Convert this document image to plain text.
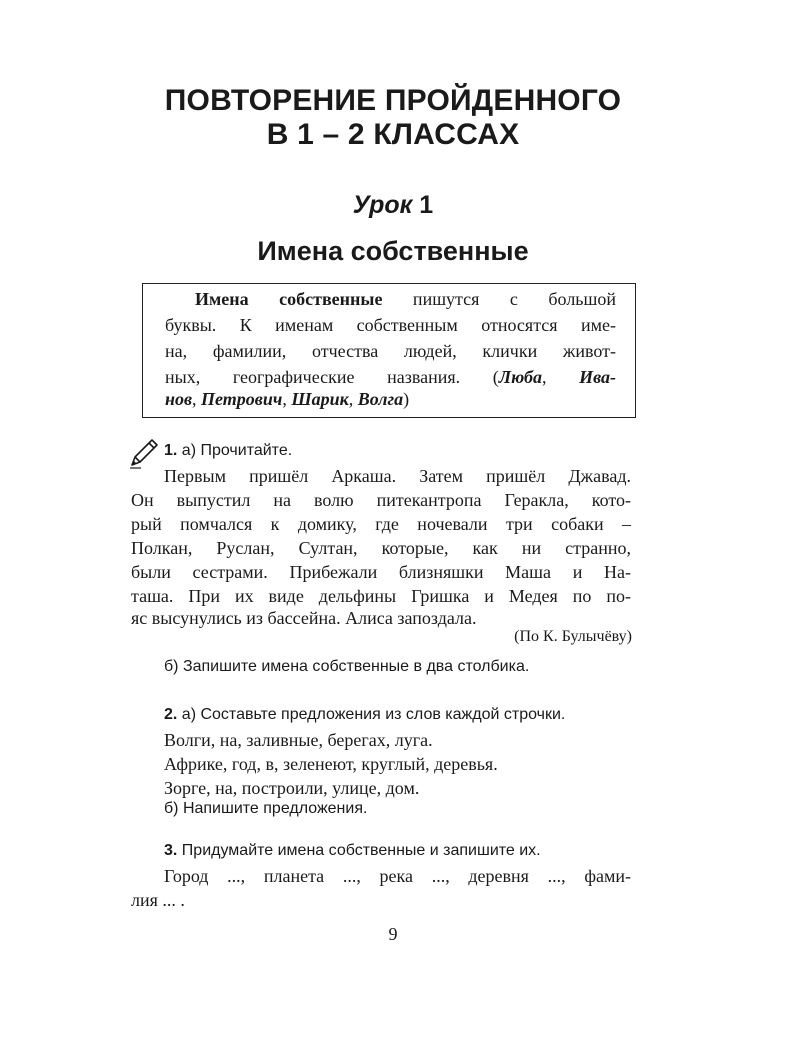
ПОВТОРЕНИЕ ПРОЙДЕННОГО
В 1 – 2 КЛАССАХ
Урок 1
Имена собственные
Имена собственные пишутся с большой
буквы. К именам собственным относятся име-
на, фамилии, отчества людей, клички живот-
ных, географические названия. (Люба, Ива-
нов, Петрович, Шарик, Волга)
1. а) Прочитайте.
Первым пришёл Аркаша. Затем пришёл Джавад.
Он выпустил на волю питекантропа Геракла, кото-
рый помчался к домику, где ночевали три собаки –
Полкан, Руслан, Султан, которые, как ни странно,
были сестрами. Прибежали близняшки Маша и На-
таша. При их виде дельфины Гришка и Медея по по-
яс высунулись из бассейна. Алиса запоздала.
(По К. Булычёву)
б) Запишите имена собственные в два столбика.
2. а) Составьте предложения из слов каждой строчки.
Волги, на, заливные, берегах, луга.
Африке, год, в, зеленеют, круглый, деревья.
Зорге, на, построили, улице, дом.
б) Напишите предложения.
3. Придумайте имена собственные и запишите их.
Город ..., планета ..., река ..., деревня ..., фами-
лия ... .
9
